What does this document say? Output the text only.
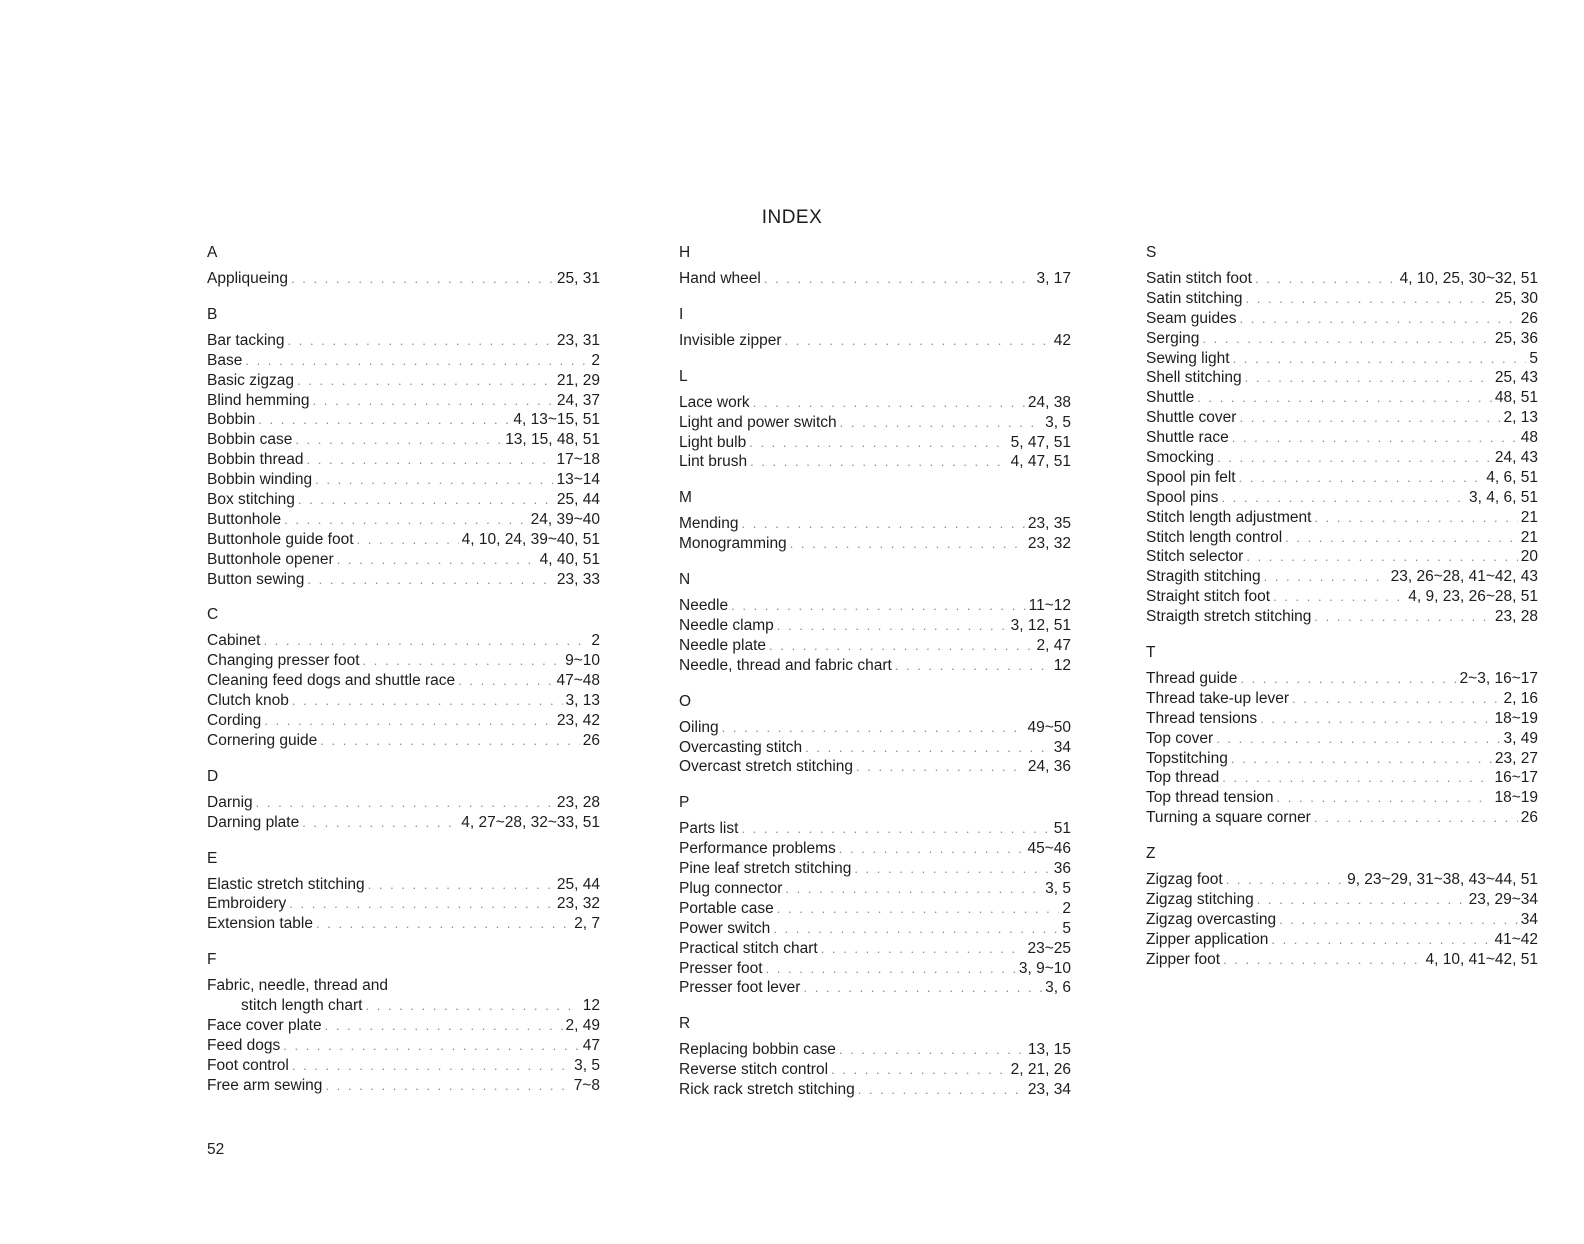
INDEX
A
Appliqueing . . .	25, 31
B
Bar tacking . . .	23, 31
Base . . .	2
Basic zigzag . . .	21, 29
Blind hemming . . .	24, 37
Bobbin . . .	4, 13~15, 51
Bobbin case . . .	13, 15, 48, 51
Bobbin thread . . .	17~18
Bobbin winding . . .	13~14
Box stitching . . .	25, 44
Buttonhole . . .	24, 39~40
Buttonhole guide foot . . .	4, 10, 24, 39~40, 51
Buttonhole opener . . .	4, 40, 51
Button sewing . . .	23, 33
C
Cabinet . . .	2
Changing presser foot . . .	9~10
Cleaning feed dogs and shuttle race . . .	47~48
Clutch knob . . .	3, 13
Cording . . .	23, 42
Cornering guide . . .	26
D
Darnig . . .	23, 28
Darning plate . . .	4, 27~28, 32~33, 51
E
Elastic stretch stitching . . .	25, 44
Embroidery . . .	23, 32
Extension table . . .	2, 7
F
Fabric, needle, thread and
stitch length chart . . .	12
Face cover plate . . .	2, 49
Feed dogs . . .	47
Foot control . . .	3, 5
Free arm sewing . . .	7~8
H
Hand wheel . . .	3, 17
I
Invisible zipper . . .	42
L
Lace work . . .	24, 38
Light and power switch . . .	3, 5
Light bulb . . .	5, 47, 51
Lint brush . . .	4, 47, 51
M
Mending . . .	23, 35
Monogramming . . .	23, 32
N
Needle . . .	11~12
Needle clamp . . .	3, 12, 51
Needle plate . . .	2, 47
Needle, thread and fabric chart . . .	12
O
Oiling . . .	49~50
Overcasting stitch . . .	34
Overcast stretch stitching . . .	24, 36
P
Parts list . . .	51
Performance problems . . .	45~46
Pine leaf stretch stitching . . .	36
Plug connector . . .	3, 5
Portable case . . .	2
Power switch . . .	5
Practical stitch chart . . .	23~25
Presser foot . . .	3, 9~10
Presser foot lever . . .	3, 6
R
Replacing bobbin case . . .	13, 15
Reverse stitch control . . .	2, 21, 26
Rick rack stretch stitching . . .	23, 34
S
Satin stitch foot . . .	4, 10, 25, 30~32, 51
Satin stitching . . .	25, 30
Seam guides . . .	26
Serging . . .	25, 36
Sewing light . . .	5
Shell stitching . . .	25, 43
Shuttle . . .	48, 51
Shuttle cover . . .	2, 13
Shuttle race . . .	48
Smocking . . .	24, 43
Spool pin felt . . .	4, 6, 51
Spool pins . . .	3, 4, 6, 51
Stitch length adjustment . . .	21
Stitch length control . . .	21
Stitch selector . . .	20
Stragith stitching . . .	23, 26~28, 41~42, 43
Straight stitch foot . . .	4, 9, 23, 26~28, 51
Straigth stretch stitching . . .	23, 28
T
Thread guide . . .	2~3, 16~17
Thread take-up lever . . .	2, 16
Thread tensions . . .	18~19
Top cover . . .	3, 49
Topstitching . . .	23, 27
Top thread . . .	16~17
Top thread tension . . .	18~19
Turning a square corner . . .	26
Z
Zigzag foot . . .	9, 23~29, 31~38, 43~44, 51
Zigzag stitching . . .	23, 29~34
Zigzag overcasting . . .	34
Zipper application . . .	41~42
Zipper foot . . .	4, 10, 41~42, 51
52
